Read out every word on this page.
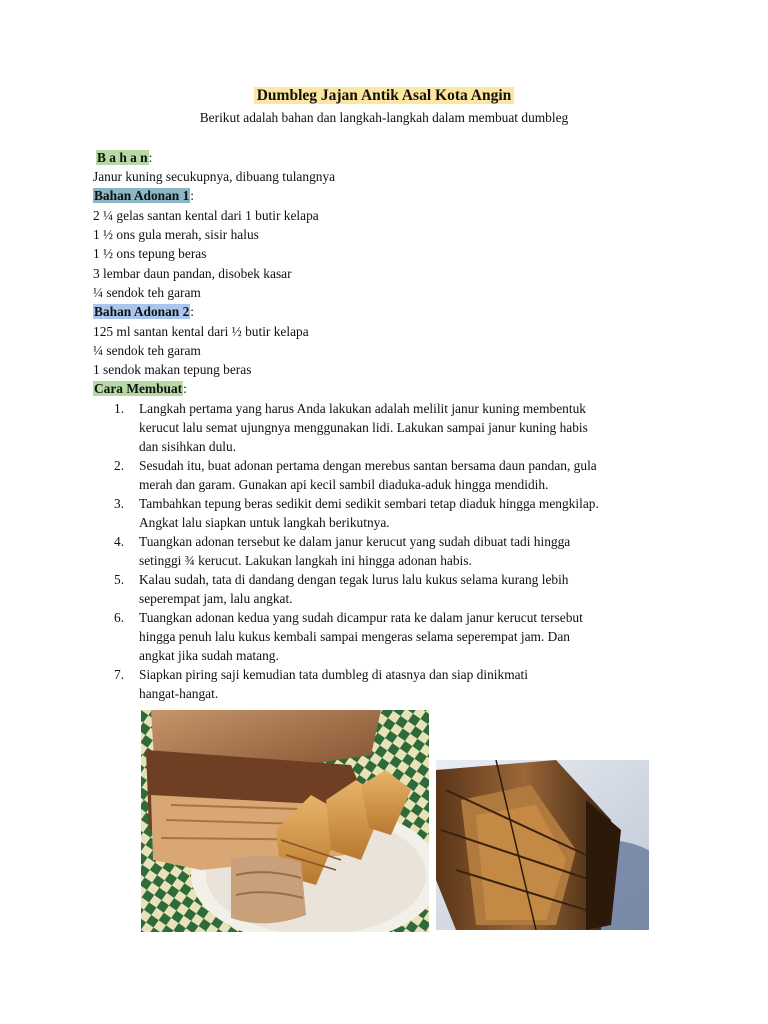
Dumbleg Jajan Antik Asal Kota Angin
Berikut adalah bahan dan langkah-langkah dalam membuat dumbleg
B a h a n:
Janur kuning secukupnya, dibuang tulangnya
Bahan Adonan 1:
2 ¼ gelas santan kental dari 1 butir kelapa
1 ½ ons gula merah, sisir halus
1 ½ ons tepung beras
3 lembar daun pandan, disobek kasar
¼ sendok teh garam
Bahan Adonan 2:
125 ml santan kental dari ½ butir kelapa
¼ sendok teh garam
1 sendok makan tepung beras
Cara Membuat:
1. Langkah pertama yang harus Anda lakukan adalah melilit janur kuning membentuk
kerucut lalu semat ujungnya menggunakan lidi. Lakukan sampai janur kuning habis
dan sisihkan dulu.
2. Sesudah itu, buat adonan pertama dengan merebus santan bersama daun pandan, gula
merah dan garam. Gunakan api kecil sambil diaduka-aduk hingga mendidih.
3. Tambahkan tepung beras sedikit demi sedikit sembari tetap diaduk hingga mengkilap.
Angkat lalu siapkan untuk langkah berikutnya.
4. Tuangkan adonan tersebut ke dalam janur kerucut yang sudah dibuat tadi hingga
setinggi ¾ kerucut. Lakukan langkah ini hingga adonan habis.
5. Kalau sudah, tata di dandang dengan tegak lurus lalu kukus selama kurang lebih
seperempat jam, lalu angkat.
6. Tuangkan adonan kedua yang sudah dicampur rata ke dalam janur kerucut tersebut
hingga penuh lalu kukus kembali sampai mengeras selama seperempat jam. Dan
angkat jika sudah matang.
7. Siapkan piring saji kemudian tata dumbleg di atasnya dan siap dinikmati
hangat-hangat.
